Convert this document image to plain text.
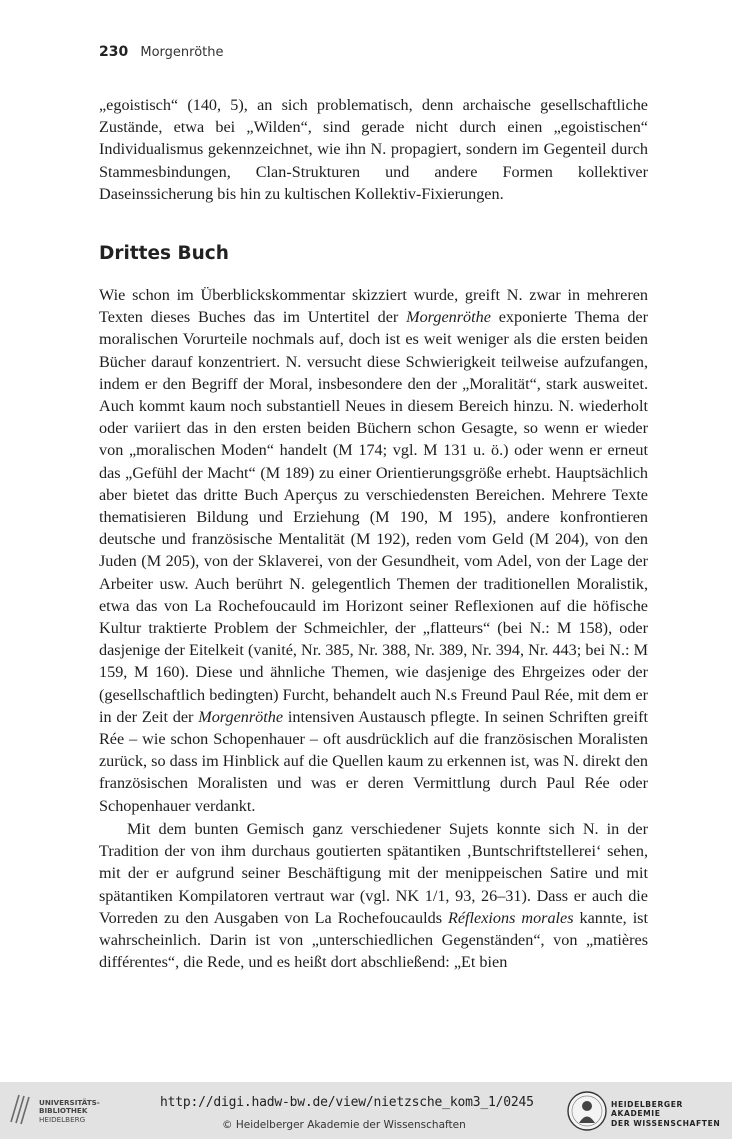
230 Morgenröthe

„egoistisch“ (140, 5), an sich problematisch, denn archaische gesellschaftliche Zustände, etwa bei „Wilden“, sind gerade nicht durch einen „egoistischen“ Individualismus gekennzeichnet, wie ihn N. propagiert, sondern im Gegenteil durch Stammesbindungen, Clan-Strukturen und andere Formen kollektiver Daseinssicherung bis hin zu kultischen Kollektiv-Fixierungen.

Drittes Buch

Wie schon im Überblickskommentar skizziert wurde, greift N. zwar in mehreren Texten dieses Buches das im Untertitel der Morgenröthe exponierte Thema der moralischen Vorurteile nochmals auf, doch ist es weit weniger als die ersten beiden Bücher darauf konzentriert. N. versucht diese Schwierigkeit teilweise aufzufangen, indem er den Begriff der Moral, insbesondere den der „Moralität“, stark ausweitet. Auch kommt kaum noch substantiell Neues in diesem Bereich hinzu. N. wiederholt oder variiert das in den ersten beiden Büchern schon Gesagte, so wenn er wieder von „moralischen Moden“ handelt (M 174; vgl. M 131 u. ö.) oder wenn er erneut das „Gefühl der Macht“ (M 189) zu einer Orientierungsgröße erhebt. Hauptsächlich aber bietet das dritte Buch Aperçus zu verschiedensten Bereichen. Mehrere Texte thematisieren Bildung und Erziehung (M 190, M 195), andere konfrontieren deutsche und französische Mentalität (M 192), reden vom Geld (M 204), von den Juden (M 205), von der Sklaverei, von der Gesundheit, vom Adel, von der Lage der Arbeiter usw. Auch berührt N. gelegentlich Themen der traditionellen Moralistik, etwa das von La Rochefoucauld im Horizont seiner Reflexionen auf die höfische Kultur traktierte Problem der Schmeichler, der „flatteurs“ (bei N.: M 158), oder dasjenige der Eitelkeit (vanité, Nr. 385, Nr. 388, Nr. 389, Nr. 394, Nr. 443; bei N.: M 159, M 160). Diese und ähnliche Themen, wie dasjenige des Ehrgeizes oder der (gesellschaftlich bedingten) Furcht, behandelt auch N.s Freund Paul Rée, mit dem er in der Zeit der Morgenröthe intensiven Austausch pflegte. In seinen Schriften greift Rée – wie schon Schopenhauer – oft ausdrücklich auf die französischen Moralisten zurück, so dass im Hinblick auf die Quellen kaum zu erkennen ist, was N. direkt den französischen Moralisten und was er deren Vermittlung durch Paul Rée oder Schopenhauer verdankt.

Mit dem bunten Gemisch ganz verschiedener Sujets konnte sich N. in der Tradition der von ihm durchaus goutierten spätantiken ‚Buntschriftstellerei‘ sehen, mit der er aufgrund seiner Beschäftigung mit der menippeischen Satire und mit spätantiken Kompilatoren vertraut war (vgl. NK 1/1, 93, 26–31). Dass er auch die Vorreden zu den Ausgaben von La Rochefoucaulds Réflexions morales kannte, ist wahrscheinlich. Darin ist von „unterschiedlichen Gegenständen“, von „matières différentes“, die Rede, und es heißt dort abschließend: „Et bien

UNIVERSITÄTS-
BIBLIOTHEK
HEIDELBERG
http://digi.hadw-bw.de/view/nietzsche_kom3_1/0245
© Heidelberger Akademie der Wissenschaften
HEIDELBERGER AKADEMIE
DER WISSENSCHAFTEN
